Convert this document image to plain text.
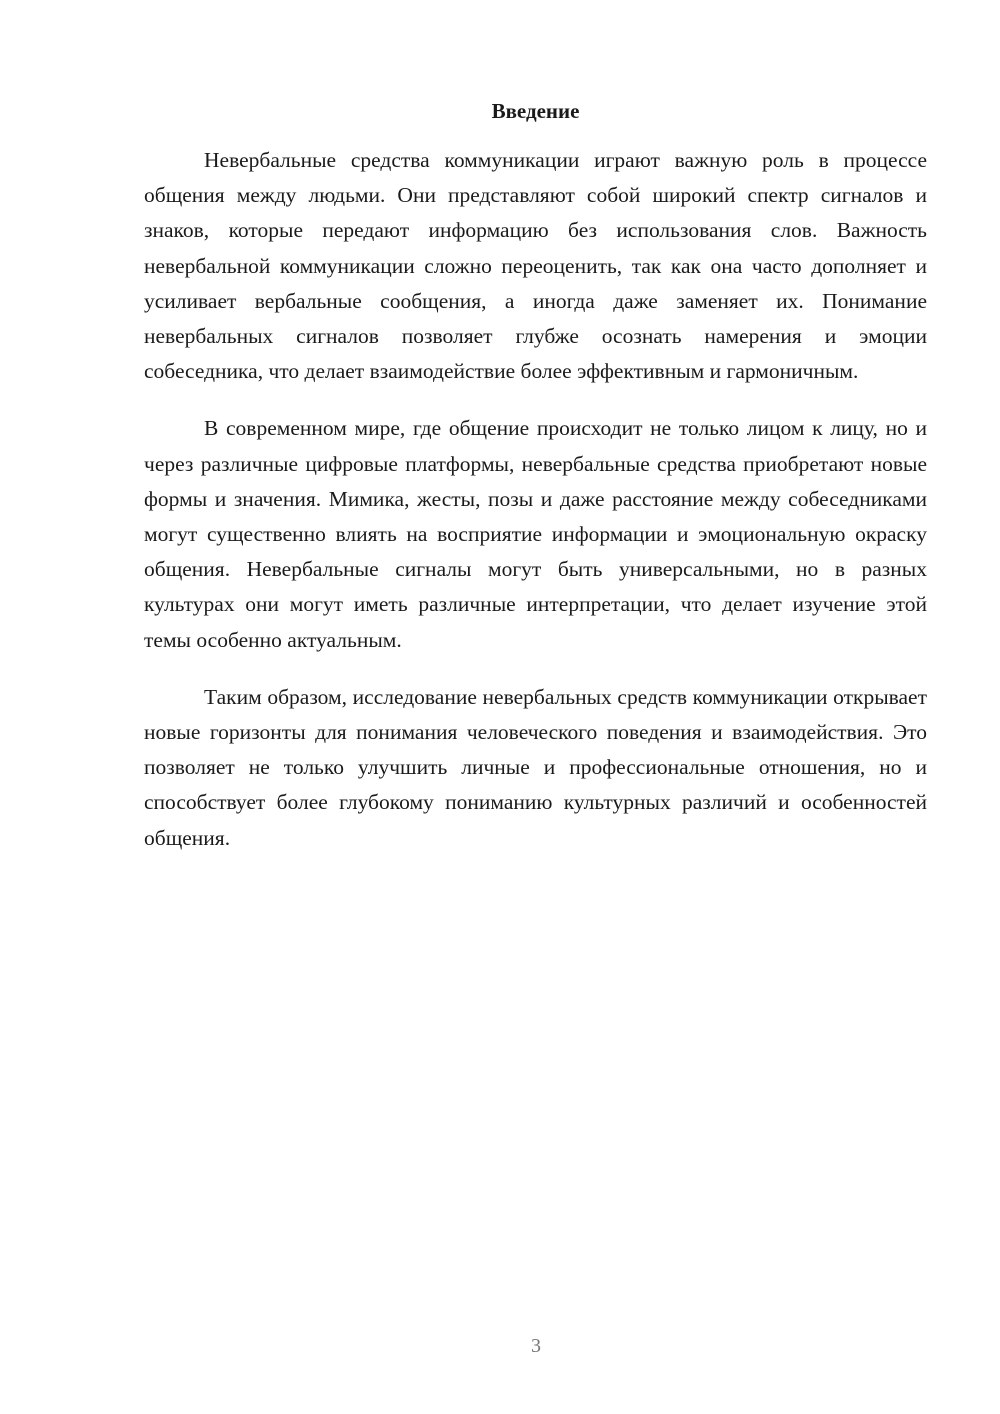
Введение

Невербальные средства коммуникации играют важную роль в процессе общения между людьми. Они представляют собой широкий спектр сигналов и знаков, которые передают информацию без использования слов. Важность невербальной коммуникации сложно переоценить, так как она часто дополняет и усиливает вербальные сообщения, а иногда даже заменяет их. Понимание невербальных сигналов позволяет глубже осознать намерения и эмоции собеседника, что делает взаимодействие более эффективным и гармоничным.

В современном мире, где общение происходит не только лицом к лицу, но и через различные цифровые платформы, невербальные средства приобретают новые формы и значения. Мимика, жесты, позы и даже расстояние между собеседниками могут существенно влиять на восприятие информации и эмоциональную окраску общения. Невербальные сигналы могут быть универсальными, но в разных культурах они могут иметь различные интерпретации, что делает изучение этой темы особенно актуальным.

Таким образом, исследование невербальных средств коммуникации открывает новые горизонты для понимания человеческого поведения и взаимодействия. Это позволяет не только улучшить личные и профессиональные отношения, но и способствует более глубокому пониманию культурных различий и особенностей общения.

3
